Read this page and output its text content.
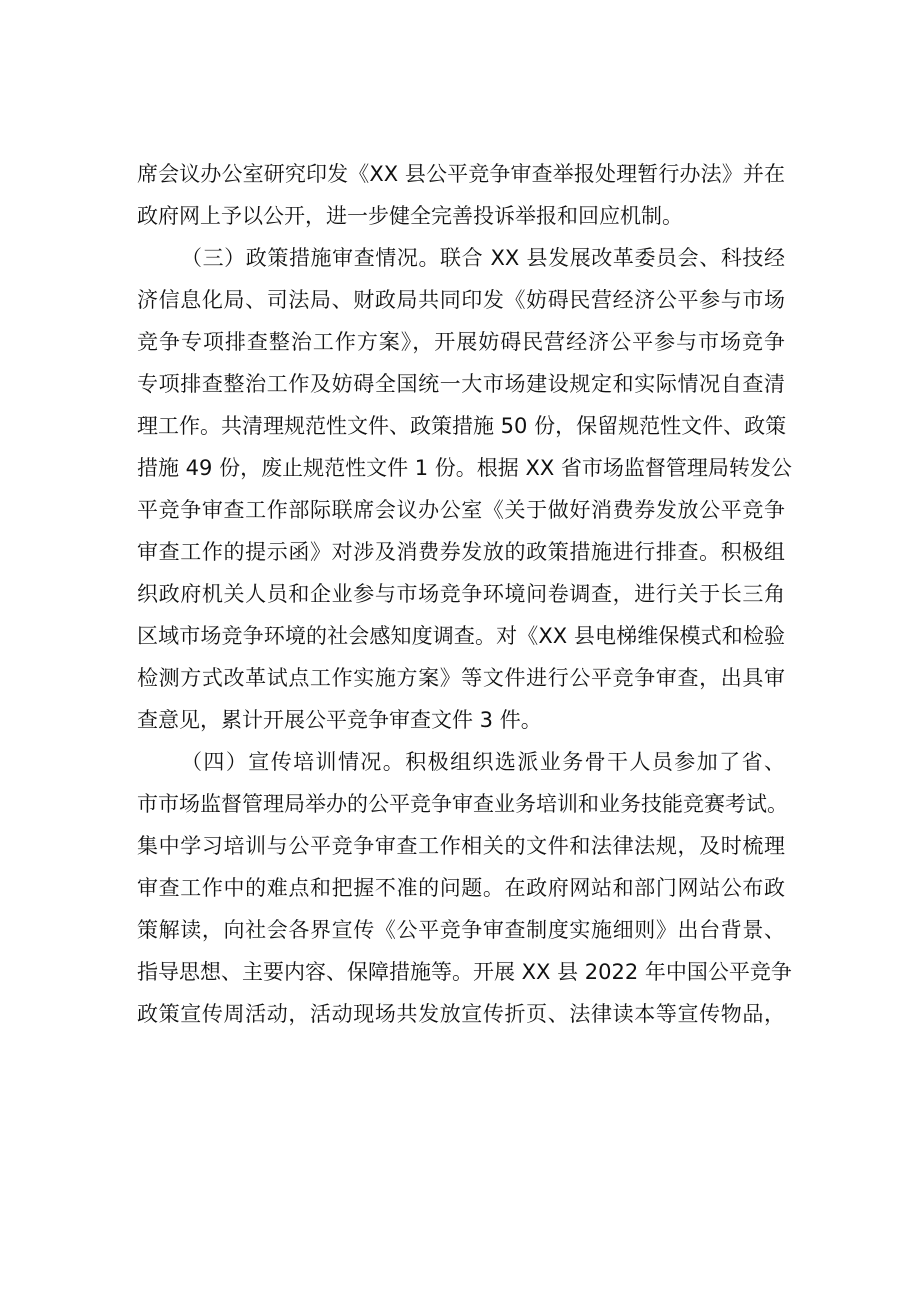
席会议办公室研究印发《XX 县公平竞争审查举报处理暂行办法》并在
政府网上予以公开，进一步健全完善投诉举报和回应机制。
（三）政策措施审查情况。联合 XX 县发展改革委员会、科技经
济信息化局、司法局、财政局共同印发《妨碍民营经济公平参与市场
竞争专项排查整治工作方案》，开展妨碍民营经济公平参与市场竞争
专项排查整治工作及妨碍全国统一大市场建设规定和实际情况自查清
理工作。共清理规范性文件、政策措施 50 份，保留规范性文件、政策
措施 49 份，废止规范性文件 1 份。根据 XX 省市场监督管理局转发公
平竞争审查工作部际联席会议办公室《关于做好消费券发放公平竞争
审查工作的提示函》对涉及消费券发放的政策措施进行排查。积极组
织政府机关人员和企业参与市场竞争环境问卷调查，进行关于长三角
区域市场竞争环境的社会感知度调查。对《XX 县电梯维保模式和检验
检测方式改革试点工作实施方案》等文件进行公平竞争审查，出具审
查意见，累计开展公平竞争审查文件 3 件。
（四）宣传培训情况。积极组织选派业务骨干人员参加了省、
市市场监督管理局举办的公平竞争审查业务培训和业务技能竞赛考试。
集中学习培训与公平竞争审查工作相关的文件和法律法规，及时梳理
审查工作中的难点和把握不准的问题。在政府网站和部门网站公布政
策解读，向社会各界宣传《公平竞争审查制度实施细则》出台背景、
指导思想、主要内容、保障措施等。开展 XX 县 2022 年中国公平竞争
政策宣传周活动，活动现场共发放宣传折页、法律读本等宣传物品，
